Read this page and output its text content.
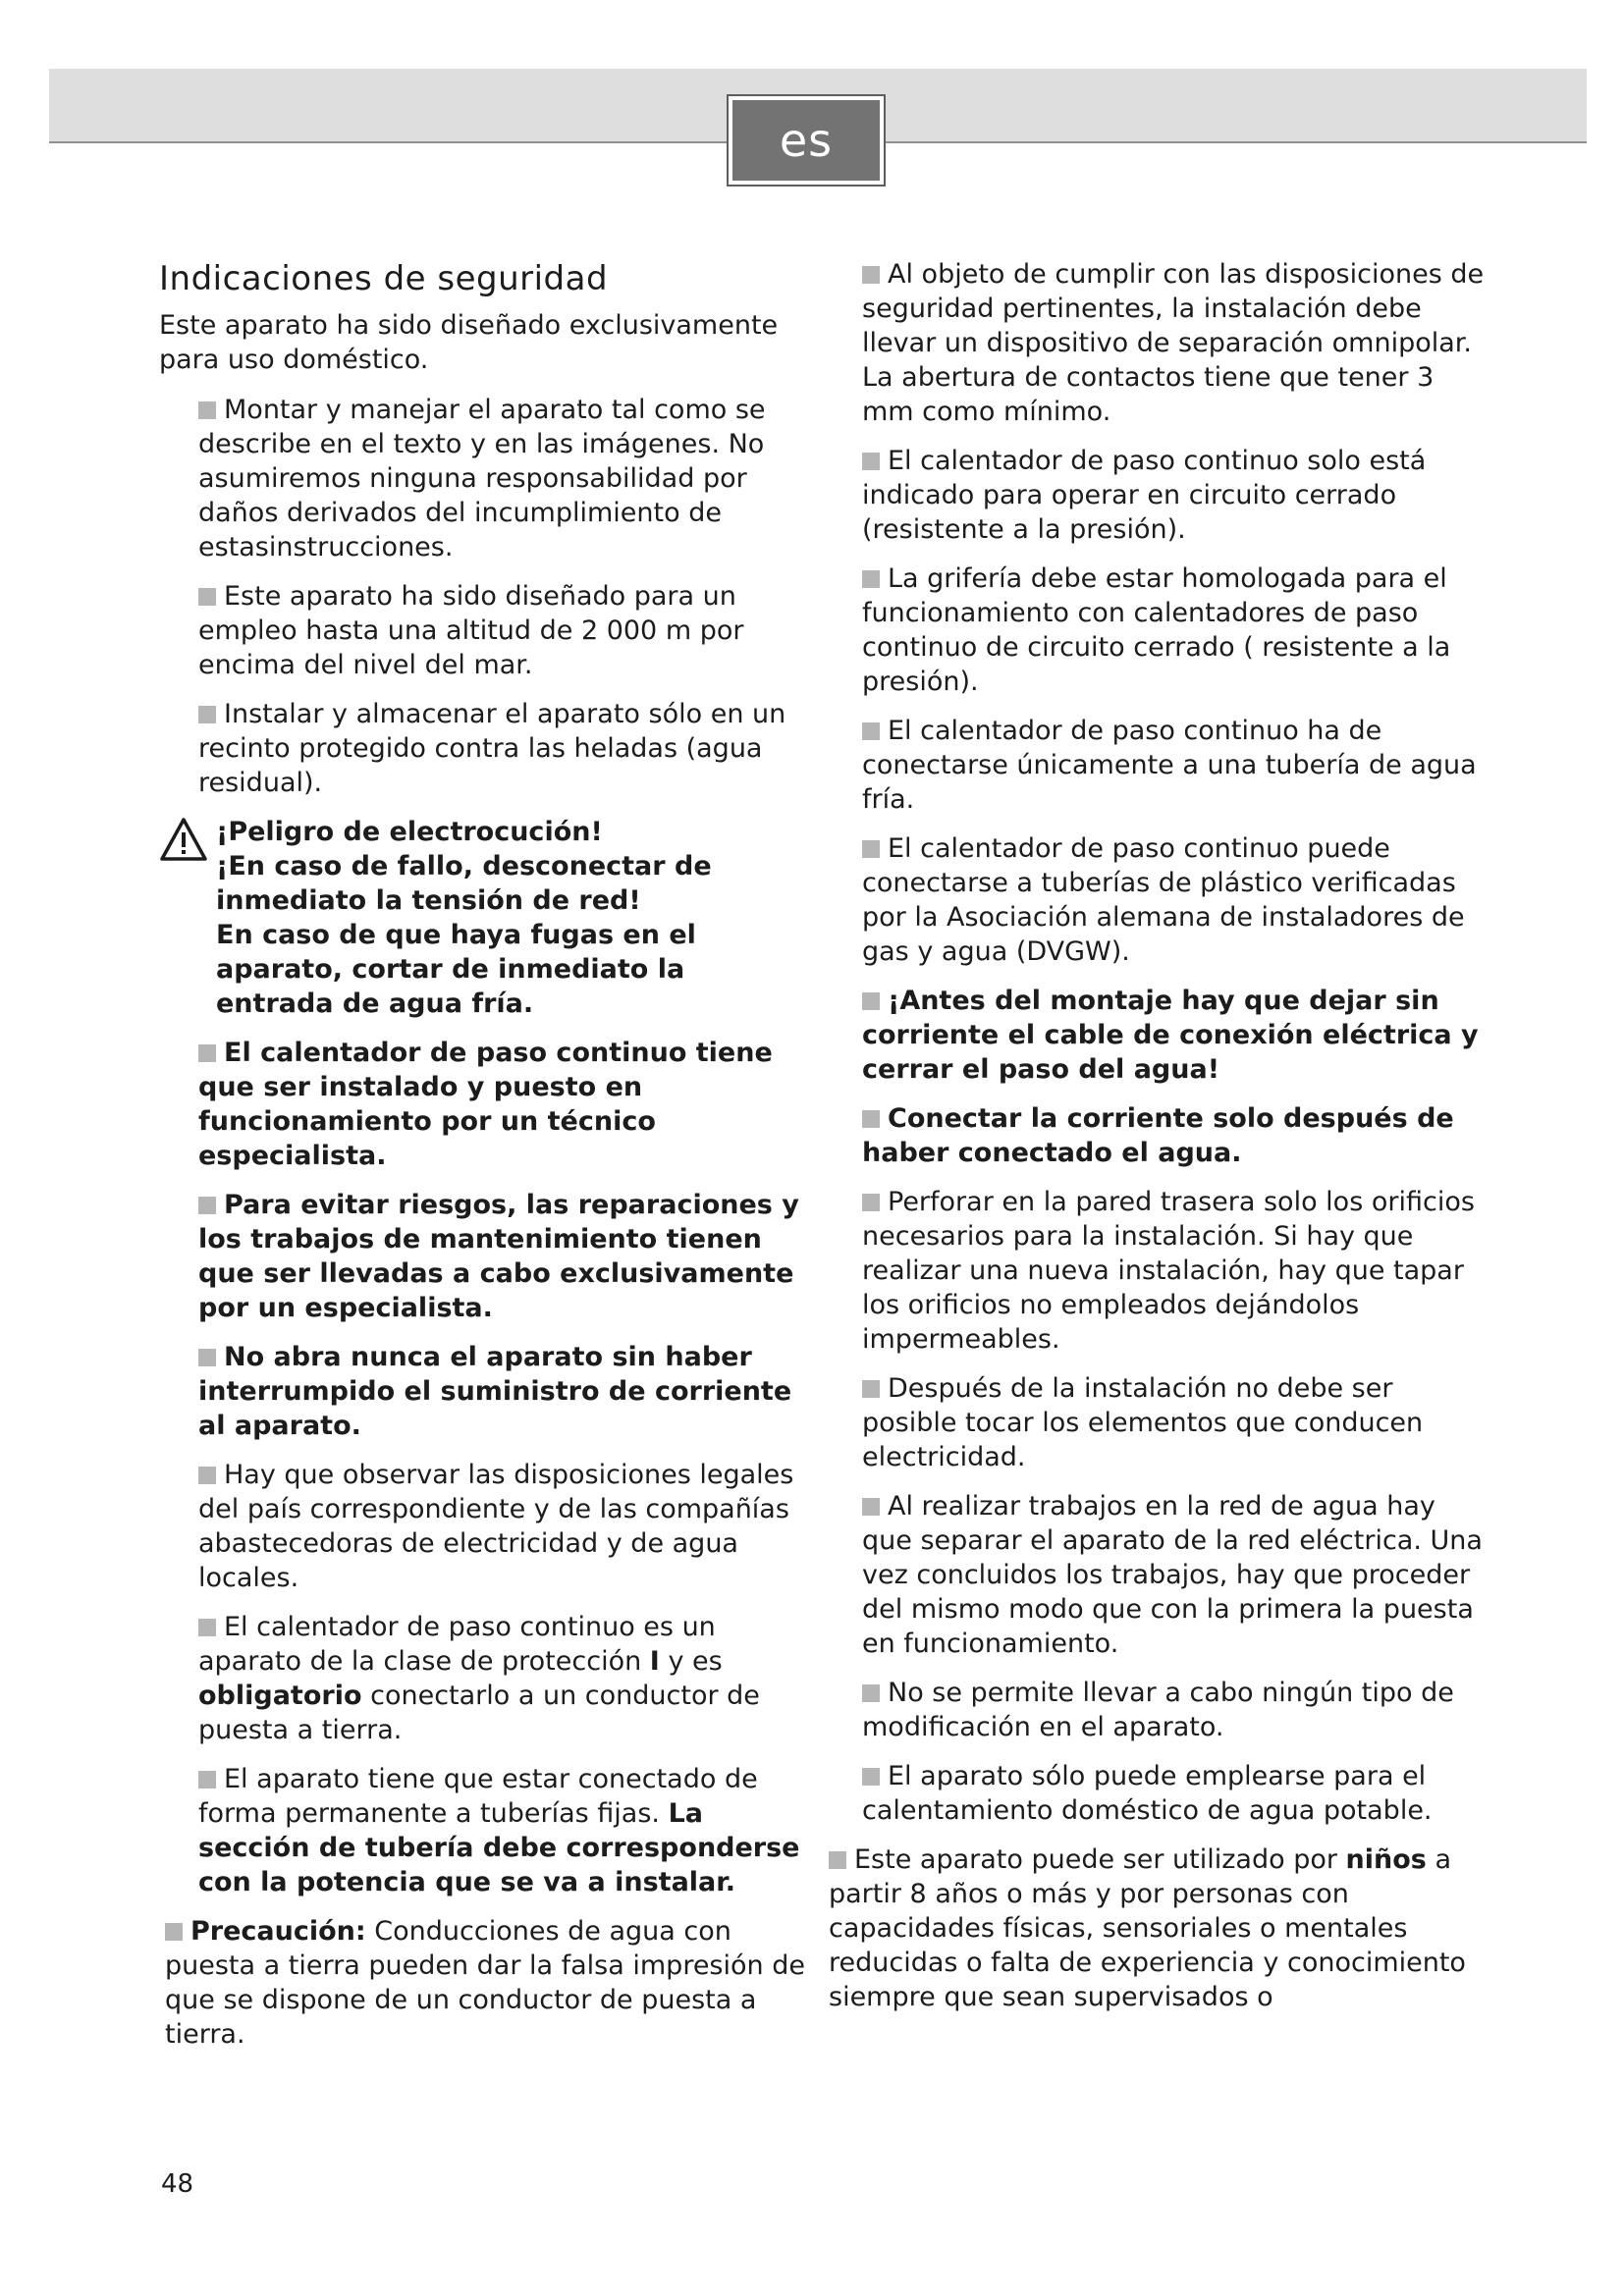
es
Indicaciones de seguridad

Este aparato ha sido diseñado exclusivamente para uso doméstico.

Montar y manejar el aparato tal como se describe en el texto y en las imágenes. No asumiremos ninguna responsabilidad por daños derivados del incumplimiento de estasinstrucciones.

Este aparato ha sido diseñado para un empleo hasta una altitud de 2 000 m por encima del nivel del mar.

Instalar y almacenar el aparato sólo en un recinto protegido contra las heladas (agua residual).

¡Peligro de electrocución!

¡En caso de fallo, desconectar de inmediato la tensión de red!

En caso de que haya fugas en el aparato, cortar de inmediato la entrada de agua fría.

El calentador de paso continuo tiene que ser instalado y puesto en funcionamiento por un técnico especialista.

Para evitar riesgos, las reparaciones y los trabajos de mantenimiento tienen que ser llevadas a cabo exclusivamente por un especialista.

No abra nunca el aparato sin haber interrumpido el suministro de corriente al aparato.

Hay que observar las disposiciones legales del país correspondiente y de las compañías abastecedoras de electricidad y de agua locales.

El calentador de paso continuo es un aparato de la clase de protección I y es obligatorio conectarlo a un conductor de puesta a tierra.

El aparato tiene que estar conectado de forma permanente a tuberías fijas. La sección de tubería debe corresponderse con la potencia que se va a instalar.

Precaución: Conducciones de agua con puesta a tierra pueden dar la falsa impresión de que se dispone de un conductor de puesta a tierra.

Al objeto de cumplir con las disposiciones de seguridad pertinentes, la instalación debe llevar un dispositivo de separación omnipolar. La abertura de contactos tiene que tener 3 mm como mínimo.

El calentador de paso continuo solo está indicado para operar en circuito cerrado (resistente a la presión).

La grifería debe estar homologada para el funcionamiento con calentadores de paso continuo de circuito cerrado ( resistente a la presión).

El calentador de paso continuo ha de conectarse únicamente a una tubería de agua fría.

El calentador de paso continuo puede conectarse a tuberías de plástico verificadas por la Asociación alemana de instaladores de gas y agua (DVGW).

¡Antes del montaje hay que dejar sin corriente el cable de conexión eléctrica y cerrar el paso del agua!

Conectar la corriente solo después de haber conectado el agua.

Perforar en la pared trasera solo los orificios necesarios para la instalación. Si hay que realizar una nueva instalación, hay que tapar los orificios no empleados dejándolos impermeables.

Después de la instalación no debe ser posible tocar los elementos que conducen electricidad.

Al realizar trabajos en la red de agua hay que separar el aparato de la red eléctrica. Una vez concluidos los trabajos, hay que proceder del mismo modo que con la primera la puesta en funcionamiento.

No se permite llevar a cabo ningún tipo de modificación en el aparato.

El aparato sólo puede emplearse para el calentamiento doméstico de agua potable.

Este aparato puede ser utilizado por niños a partir 8 años o más y por personas con capacidades físicas, sensoriales o mentales reducidas o falta de experiencia y conocimiento siempre que sean supervisados o

48
